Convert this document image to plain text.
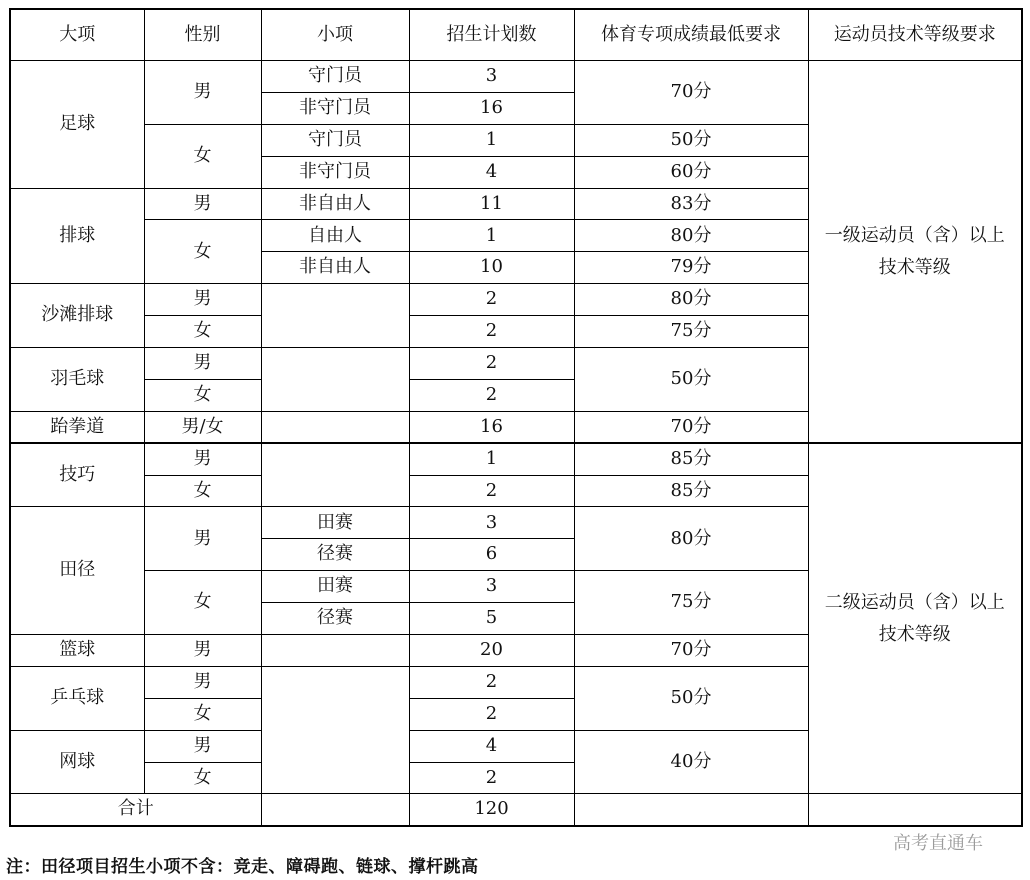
大项	性别	小项	招生计划数	体育专项成绩最低要求	运动员技术等级要求
足球	男	守门员	3	70分	一级运动员（含）以上技术等级
		非守门员	16		
	女	守门员	1	50分	
		非守门员	4	60分	
排球	男	非自由人	11	83分	
	女	自由人	1	80分	
		非自由人	10	79分	
沙滩排球	男		2	80分	
	女		2	75分	
羽毛球	男		2	50分	
	女		2		
跆拳道	男/女		16	70分	
技巧	男		1	85分	二级运动员（含）以上技术等级
	女		2	85分	
田径	男	田赛	3	80分	
		径赛	6		
	女	田赛	3	75分	
		径赛	5		
篮球	男		20	70分	
乒乓球	男		2	50分	
	女		2		
网球	男		4	40分	
	女		2		
合计			120		
高考直通车
注：田径项目招生小项不含：竞走、障碍跑、链球、撑杆跳高
